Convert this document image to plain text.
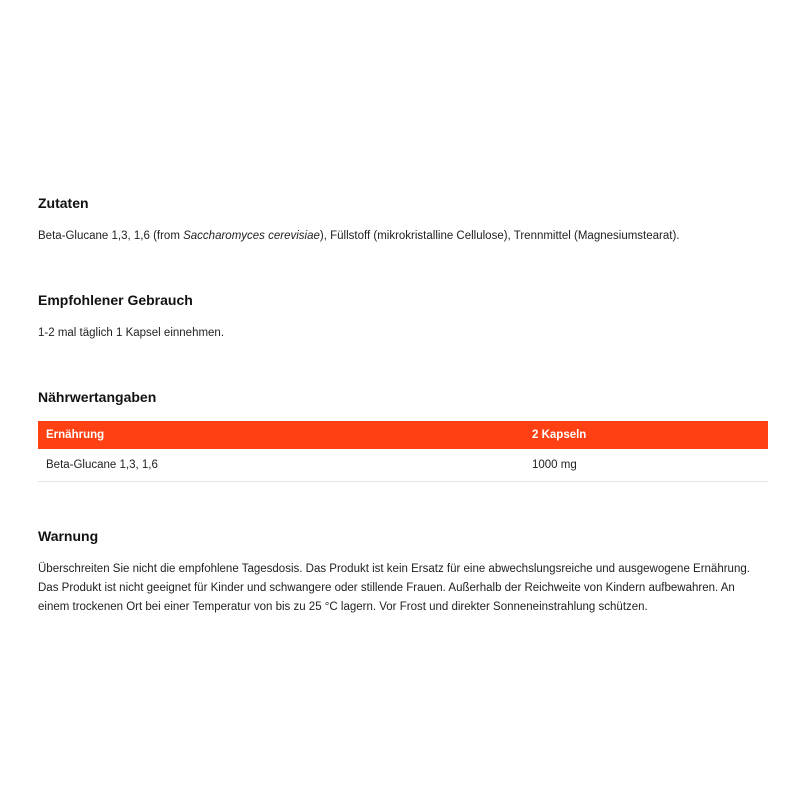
Zutaten

Beta-Glucane 1,3, 1,6 (from Saccharomyces cerevisiae), Füllstoff (mikrokristalline Cellulose), Trennmittel (Magnesiumstearat).

Empfohlener Gebrauch

1-2 mal täglich 1 Kapsel einnehmen.

Nährwertangaben
Ernährung	2 Kapseln
Beta-Glucane 1,3, 1,6	1000 mg
Warnung

Überschreiten Sie nicht die empfohlene Tagesdosis. Das Produkt ist kein Ersatz für eine abwechslungsreiche und ausgewogene Ernährung. Das Produkt ist nicht geeignet für Kinder und schwangere oder stillende Frauen. Außerhalb der Reichweite von Kindern aufbewahren. An einem trockenen Ort bei einer Temperatur von bis zu 25 °C lagern. Vor Frost und direkter Sonneneinstrahlung schützen.
